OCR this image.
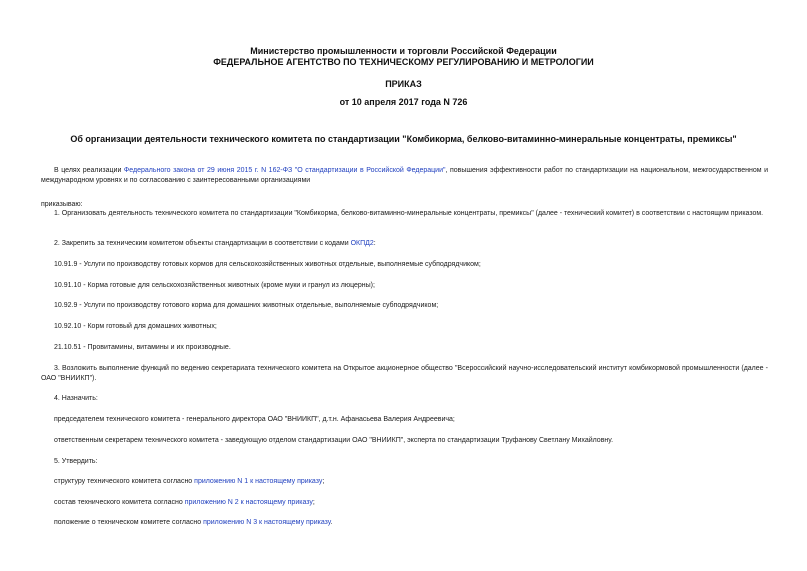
Министерство промышленности и торговли Российской Федерации
ФЕДЕРАЛЬНОЕ АГЕНТСТВО ПО ТЕХНИЧЕСКОМУ РЕГУЛИРОВАНИЮ И МЕТРОЛОГИИ
ПРИКАЗ
от 10 апреля 2017 года N 726
Об организации деятельности технического комитета по стандартизации "Комбикорма, белково-витаминно-минеральные концентраты, премиксы"
В целях реализации Федерального закона от 29 июня 2015 г. N 162-ФЗ "О стандартизации в Российской Федерации", повышения эффективности работ по стандартизации на национальном, межгосударственном и международном уровнях и по согласованию с заинтересованными организациями
приказываю:
1. Организовать деятельность технического комитета по стандартизации "Комбикорма, белково-витаминно-минеральные концентраты, премиксы" (далее - технический комитет) в соответствии с настоящим приказом.
2. Закрепить за техническим комитетом объекты стандартизации в соответствии с кодами ОКПД2:
10.91.9 - Услуги по производству готовых кормов для сельскохозяйственных животных отдельные, выполняемые субподрядчиком;
10.91.10 - Корма готовые для сельскохозяйственных животных (кроме муки и гранул из люцерны);
10.92.9 - Услуги по производству готового корма для домашних животных отдельные, выполняемые субподрядчиком;
10.92.10 - Корм готовый для домашних животных;
21.10.51 - Провитамины, витамины и их производные.
3. Возложить выполнение функций по ведению секретариата технического комитета на Открытое акционерное общество "Всероссийский научно-исследовательский институт комбикормовой промышленности (далее - ОАО "ВНИИКП").
4. Назначить:
председателем технического комитета - генерального директора ОАО "ВНИИКП", д.т.н. Афанасьева Валерия Андреевича;
ответственным секретарем технического комитета - заведующую отделом стандартизации ОАО "ВНИИКП", эксперта по стандартизации Труфанову Светлану Михайловну.
5. Утвердить:
структуру технического комитета согласно приложению N 1 к настоящему приказу;
состав технического комитета согласно приложению N 2 к настоящему приказу;
положение о техническом комитете согласно приложению N 3 к настоящему приказу.
